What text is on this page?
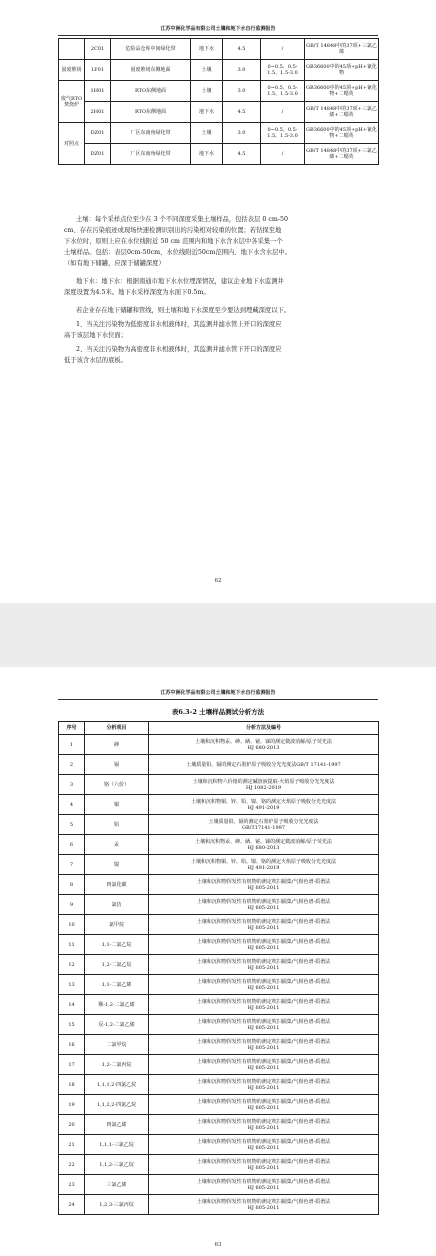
江苏中洲化学品有限公司土壤和地下水自行监测报告
	2C01	危险品仓库中间绿化带	地下水	4.5	/	GB/T 14848中的37项+三氯乙烯
固废堆场	1F01	固废堆场东侧地面	土壤	3.0	0~0.5、0.5-1.5、1.5-3.0	GB36600中的45项+pH+氰化物
废气RTO焚烧炉	1H01	RTO东侧地面	土壤	3.0	0~0.5、0.5-1.5、1.5-3.0	GB36600中的45项+pH+氰化物+二噁英
	2H01	RTO东侧地面	地下水	4.5	/	GB/T 14848中的37项+三氯乙烯+二噁英
对照点	DZ01	厂区东南角绿化带	土壤	3.0	0~0.5、0.5-1.5、1.5-3.0	GB36600中的45项+pH+氰化物+二噁英
	DZ01	厂区东南角绿化带	地下水	4.5	/	GB/T 14848中的37项+三氯乙烯+二噁英
土壤：每个采样点位至少在 3 个不同深度采集土壤样品，包括表层 0 cm-50
cm、存在污染痕迹或现场快速检测识别出的污染相对较重的位置；若钻探至地
下水位时，原则上应在水位线附近 50 cm 范围内和地下水含水层中各采集一个
土壤样品。包括：表层0cm-50cm、水位线附近50cm范围内、地下水含水层中。
（如有地下储罐，应深于储罐深度）
地下水：地下水：根据南通市地下水水位埋深情况，建议企业地下水监测井
深度设置为4.5米。地下水采样深度为水面下0.5m。
若企业存在地下储罐和管线，则土壤和地下水深度至少要达到埋藏深度以下。
1、当关注污染物为低密度非水相液体时，其监测井滤水管上开口的深度应
高于该层地下水位面；
2、当关注污染物为高密度非水相液体时，其监测井滤水管下开口的深度应
低于该含水层的底板。
62
江苏中洲化学品有限公司土壤和地下水自行监测报告
表6.3-2 土壤样品测试分析方法
序号	分析项目	分析方法及编号
1	砷	土壤和沉积物汞、砷、硒、铋、锑的测定微波消解/原子荧光法
HJ 680-2013

2	镉	土壤质量铅、镉的测定石墨炉原子吸收分光光度法GB/T 17141-1997

3	铬（六价）	土壤和沉积物六价铬的测定碱溶液提取-火焰原子吸收分光光度法
HJ 1082-2019

4	铜	土壤和沉积物铜、锌、铅、镍、铬的测定火焰原子吸收分光光度法
HJ 491-2019

5	铅	土壤质量铅、镉的测定石墨炉原子吸收分光光度法
GB/T17141-1997

6	汞	土壤和沉积物汞、砷、硒、铋、锑的测定微波消解/原子荧光法
HJ 680-2013

7	镍	土壤和沉积物铜、锌、铅、镍、铬的测定火焰原子吸收分光光度法
HJ 491-2019

8	四氯化碳	土壤和沉积物挥发性有机物的测定吹扫捕集/气相色谱-质谱法
HJ 605-2011

9	氯仿	土壤和沉积物挥发性有机物的测定吹扫捕集/气相色谱-质谱法
HJ 605-2011

10	氯甲烷	土壤和沉积物挥发性有机物的测定吹扫捕集/气相色谱-质谱法
HJ 605-2011

11	1,1-二氯乙烷	土壤和沉积物挥发性有机物的测定吹扫捕集/气相色谱-质谱法
HJ 605-2011

12	1,2-二氯乙烷	土壤和沉积物挥发性有机物的测定吹扫捕集/气相色谱-质谱法
HJ 605-2011

13	1,1-二氯乙烯	土壤和沉积物挥发性有机物的测定吹扫捕集/气相色谱-质谱法
HJ 605-2011

14	顺-1,2-二氯乙烯	土壤和沉积物挥发性有机物的测定吹扫捕集/气相色谱-质谱法
HJ 605-2011

15	反-1,2-二氯乙烯	土壤和沉积物挥发性有机物的测定吹扫捕集/气相色谱-质谱法
HJ 605-2011

16	二氯甲烷	土壤和沉积物挥发性有机物的测定吹扫捕集/气相色谱-质谱法
HJ 605-2011

17	1,2-二氯丙烷	土壤和沉积物挥发性有机物的测定吹扫捕集/气相色谱-质谱法
HJ 605-2011

18	1,1,1,2-四氯乙烷	土壤和沉积物挥发性有机物的测定吹扫捕集/气相色谱-质谱法
HJ 605-2011

19	1,1,2,2-四氯乙烷	土壤和沉积物挥发性有机物的测定吹扫捕集/气相色谱-质谱法
HJ 605-2011

20	四氯乙烯	土壤和沉积物挥发性有机物的测定吹扫捕集/气相色谱-质谱法
HJ 605-2011

21	1,1,1-三氯乙烷	土壤和沉积物挥发性有机物的测定吹扫捕集/气相色谱-质谱法
HJ 605-2011

22	1,1,2-三氯乙烷	土壤和沉积物挥发性有机物的测定吹扫捕集/气相色谱-质谱法
HJ 605-2011

23	三氯乙烯	土壤和沉积物挥发性有机物的测定吹扫捕集/气相色谱-质谱法
HJ 605-2011

24	1,2,3-三氯丙烷	土壤和沉积物挥发性有机物的测定吹扫捕集/气相色谱-质谱法
HJ 605-2011
63
